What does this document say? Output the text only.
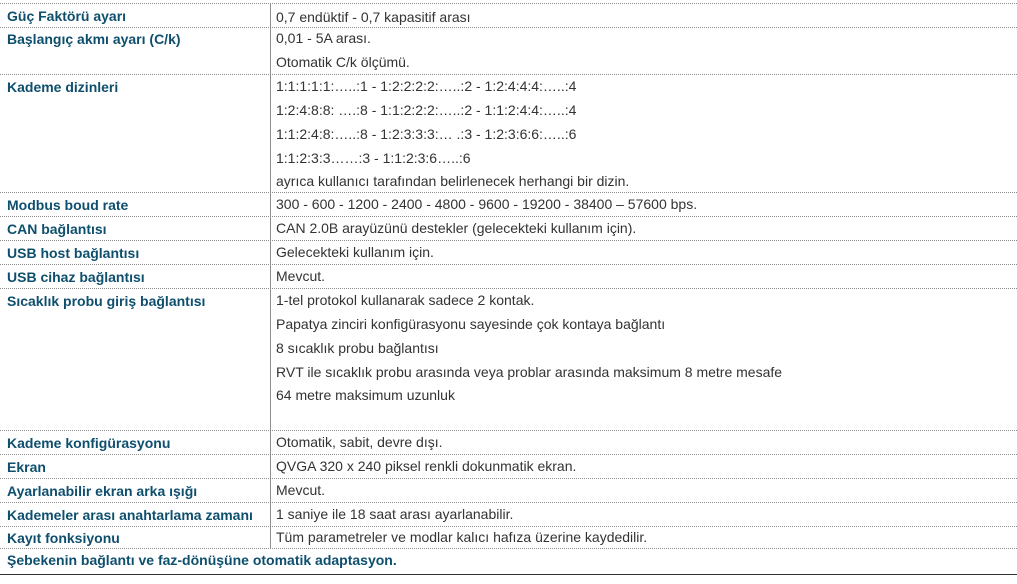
Güç Faktörü ayarı	0,7 endüktif - 0,7 kapasitif arası
Başlangıç akmı ayarı (C/k)	0,01 - 5A arası.
Otomatik C/k ölçümü.
Kademe dizinleri	1:1:1:1:1:…..:1 - 1:2:2:2:2:…..:2 - 1:2:4:4:4:…..:4
1:2:4:8:8: ….:8 - 1:1:2:2:2:…..:2 - 1:1:2:4:4:…..:4
1:1:2:4:8:…..:8 - 1:2:3:3:3:… .:3 - 1:2:3:6:6:…..:6
1:1:2:3:3……:3 - 1:1:2:3:6…..:6
ayrıca kullanıcı tarafından belirlenecek herhangi bir dizin.
Modbus boud rate	300 - 600 - 1200 - 2400 - 4800 - 9600 - 19200 - 38400 – 57600 bps.
CAN bağlantısı	CAN 2.0B arayüzünü destekler (gelecekteki kullanım için).
USB host bağlantısı	Gelecekteki kullanım için.
USB cihaz bağlantısı	Mevcut.
Sıcaklık probu giriş bağlantısı	1-tel protokol kullanarak sadece 2 kontak.
Papatya zinciri konfigürasyonu sayesinde çok kontaya bağlantı
8 sıcaklık probu bağlantısı
RVT ile sıcaklık probu arasında veya problar arasında maksimum 8 metre mesafe
64 metre maksimum uzunluk
Kademe konfigürasyonu	Otomatik, sabit, devre dışı.
Ekran	QVGA 320 x 240 piksel renkli dokunmatik ekran.
Ayarlanabilir ekran arka ışığı	Mevcut.
Kademeler arası anahtarlama zamanı 1 saniye ile 18 saat arası ayarlanabilir.
Kayıt fonksiyonu	Tüm parametreler ve modlar kalıcı hafıza üzerine kaydedilir.
Şebekenin bağlantı ve faz-dönüşüne otomatik adaptasyon.
